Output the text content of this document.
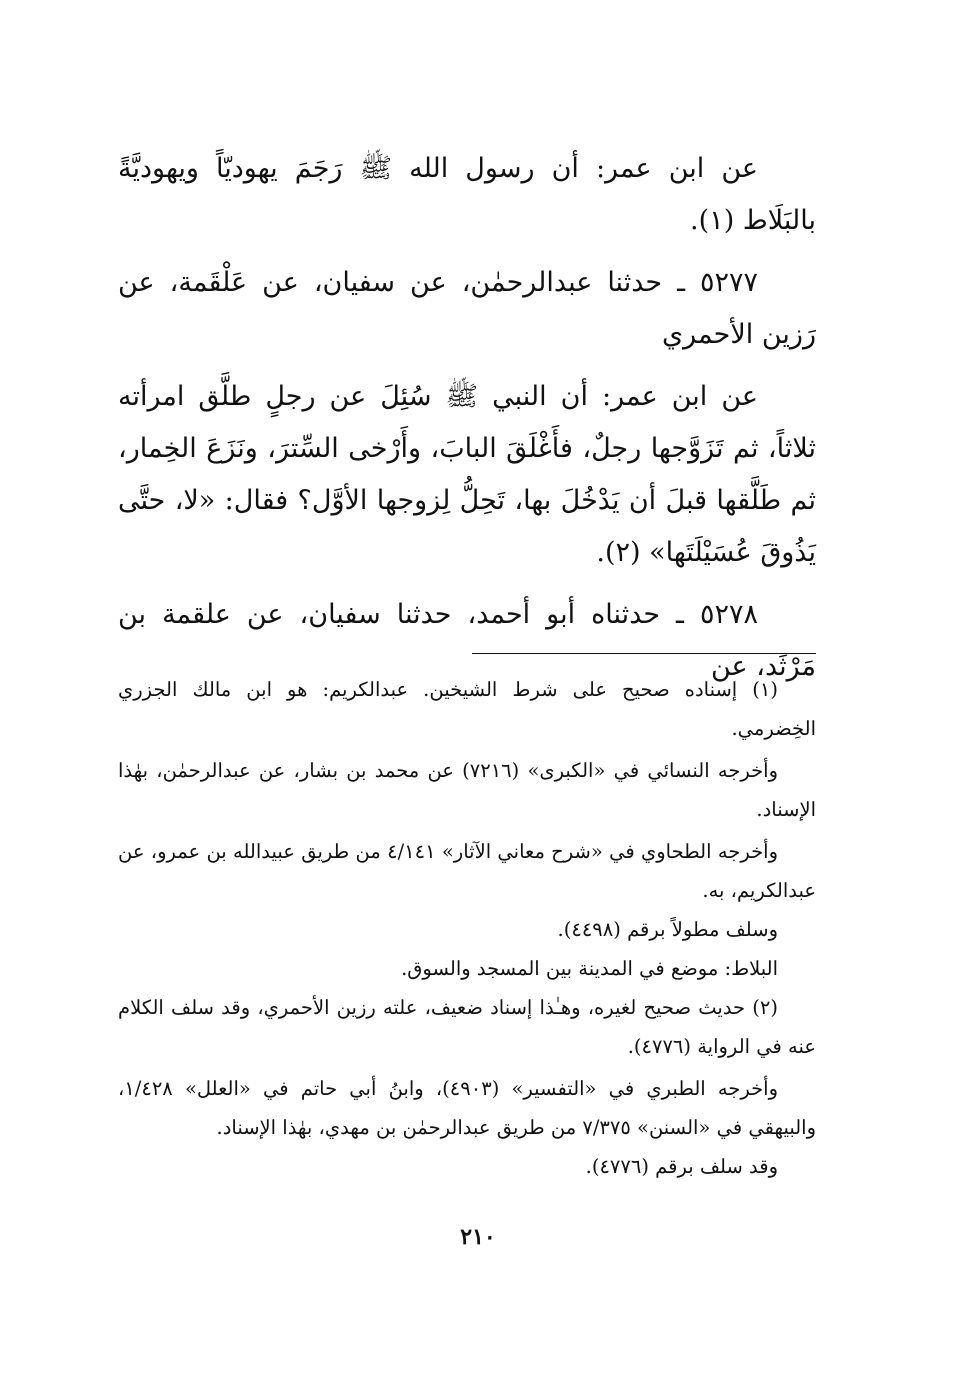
عن ابن عمر: أن رسول الله ﷺ رَجَمَ يهوديّاً ويهوديَّةً بالبَلَاط (١).

٥٢٧٧ ـ حدثنا عبدالرحمٰن، عن سفيان، عن عَلْقَمة، عن رَزين الأحمري

عن ابن عمر: أن النبي ﷺ سُئِلَ عن رجلٍ طلَّق امرأته ثلاثاً، ثم تَزَوَّجها رجلٌ، فأَغْلَقَ البابَ، وأَرْخى السِّترَ، ونَزَعَ الخِمار، ثم طَلَّقها قبلَ أن يَدْخُلَ بها، تَحِلُّ لِزوجها الأوَّل؟ فقال: «لا، حتَّى يَذُوقَ عُسَيْلَتَها» (٢).

٥٢٧٨ ـ حدثناه أبو أحمد، حدثنا سفيان، عن علقمة بن مَرْثَد، عن

(١) إسناده صحيح على شرط الشيخين. عبدالكريم: هو ابن مالك الجزري الخِضرمي.

وأخرجه النسائي في «الكبرى» (٧٢١٦) عن محمد بن بشار، عن عبدالرحمٰن، بهٰذا الإسناد.

وأخرجه الطحاوي في «شرح معاني الآثار» ٤/١٤١ من طريق عبيدالله بن عمرو، عن عبدالكريم، به.

وسلف مطولاً برقم (٤٤٩٨).

البلاط: موضع في المدينة بين المسجد والسوق.

(٢) حديث صحيح لغيره، وهـٰذا إسناد ضعيف، علته رزين الأحمري، وقد سلف الكلام عنه في الرواية (٤٧٧٦).

وأخرجه الطبري في «التفسير» (٤٩٠٣)، وابنُ أبي حاتم في «العلل» ١/٤٢٨، والبيهقي في «السنن» ٧/٣٧٥ من طريق عبدالرحمٰن بن مهدي، بهٰذا الإسناد.

وقد سلف برقم (٤٧٧٦).

٢١٠
